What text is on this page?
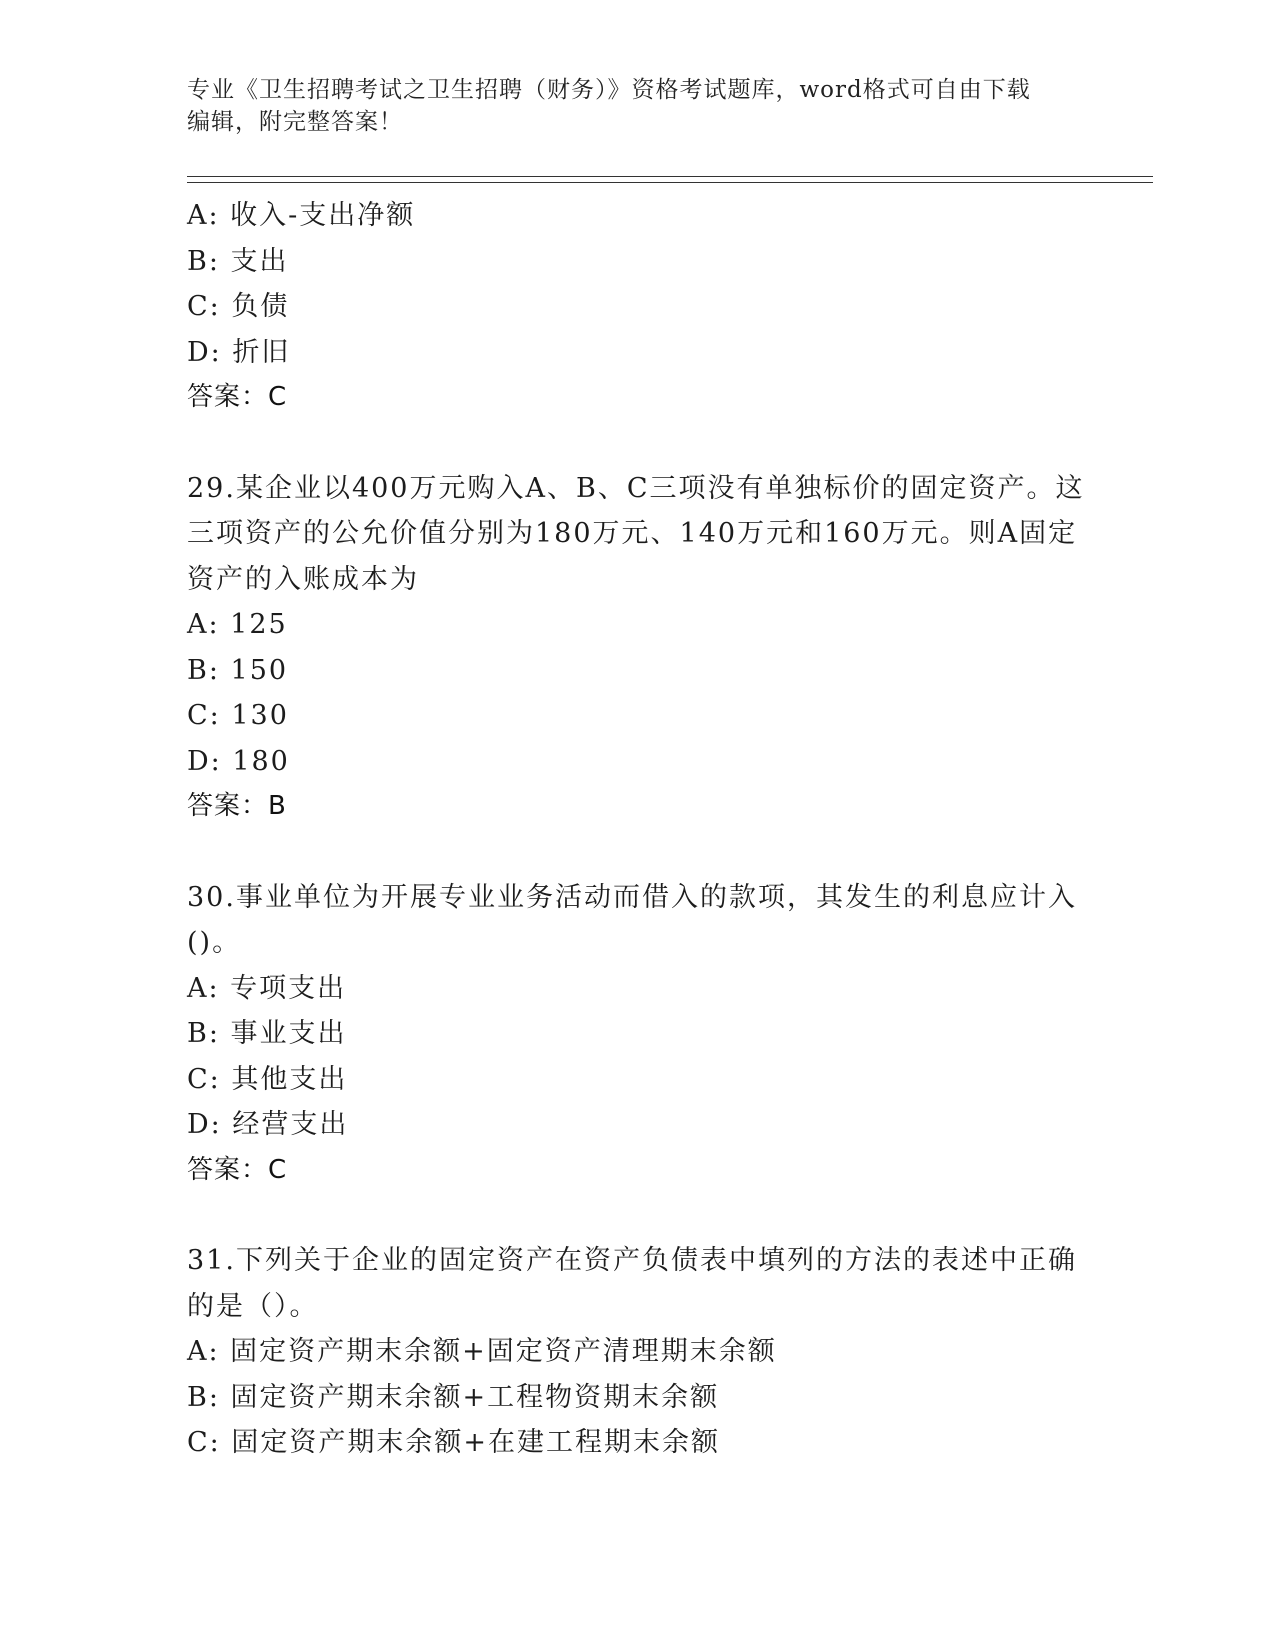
专业《卫生招聘考试之卫生招聘（财务）》资格考试题库，word格式可自由下载
编辑，附完整答案！
A: 收入-支出净额
B: 支出
C: 负债
D: 折旧
答案：C
29.某企业以400万元购入A、B、C三项没有单独标价的固定资产。这
三项资产的公允价值分别为180万元、140万元和160万元。则A固定
资产的入账成本为
A: 125
B: 150
C: 130
D: 180
答案：B
30.事业单位为开展专业业务活动而借入的款项，其发生的利息应计入
()。
A: 专项支出
B: 事业支出
C: 其他支出
D: 经营支出
答案：C
31.下列关于企业的固定资产在资产负债表中填列的方法的表述中正确
的是（）。
A: 固定资产期末余额+固定资产清理期末余额
B: 固定资产期末余额+工程物资期末余额
C: 固定资产期末余额+在建工程期末余额
